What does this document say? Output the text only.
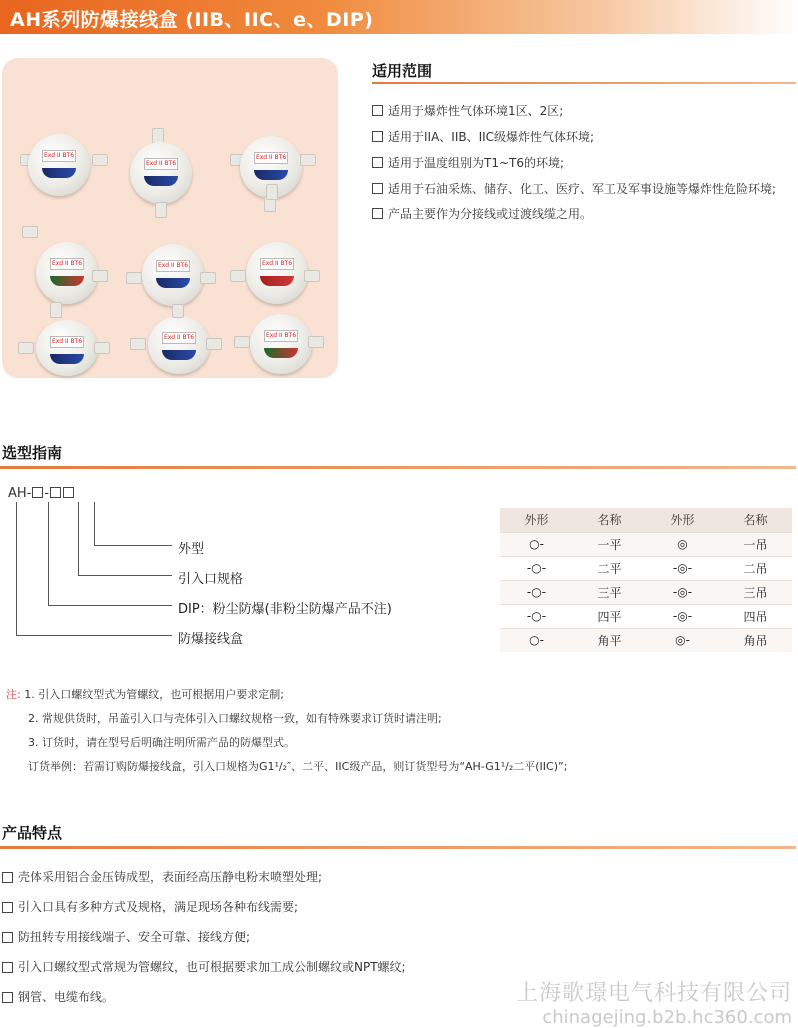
AH系列防爆接线盒 (IIB、IIC、e、DIP)
Exd II BT6
Exd II BT6
Exd II BT6
Exd II BT6	Exd II BT6	Exd II BT6
Exd II BT6
Exd II BT6	Exd II BT6
适用范围
适用于爆炸性气体环境1区、2区;
适用于IIA、IIB、IIC级爆炸性气体环境;
适用于温度组别为T1~T6的环境;
适用于石油采炼、储存、化工、医疗、军工及军事设施等爆炸性危险环境;
产品主要作为分接线或过渡线缆之用。
选型指南
AH- -
外型
引入口规格
DIP：粉尘防爆(非粉尘防爆产品不注)
防爆接线盒
外形	名称	外形	名称
○-	一平	◎	一吊
-○-	二平	-◎-	二吊
-○-	三平	-◎-	三吊
-○-	四平	-◎-	四吊
○-	角平	◎-	角吊
注: 1. 引入口螺纹型式为管螺纹，也可根据用户要求定制;
2. 常规供货时，吊盖引入口与壳体引入口螺纹规格一致，如有特殊要求订货时请注明;
3. 订货时，请在型号后明确注明所需产品的防爆型式。
订货举例：若需订购防爆接线盒，引入口规格为G1¹/₂″、二平、IIC级产品，则订货型号为“AH-G1¹/₂二平(IIC)”;
产品特点
壳体采用铝合金压铸成型，表面经高压静电粉末喷塑处理;
引入口具有多种方式及规格，满足现场各种布线需要;
防扭转专用接线端子、安全可靠、接线方便;
引入口螺纹型式常规为管螺纹，也可根据要求加工成公制螺纹或NPT螺纹;
钢管、电缆布线。	上海歌璟电气科技有限公司
chinagejing.b2b.hc360.com
